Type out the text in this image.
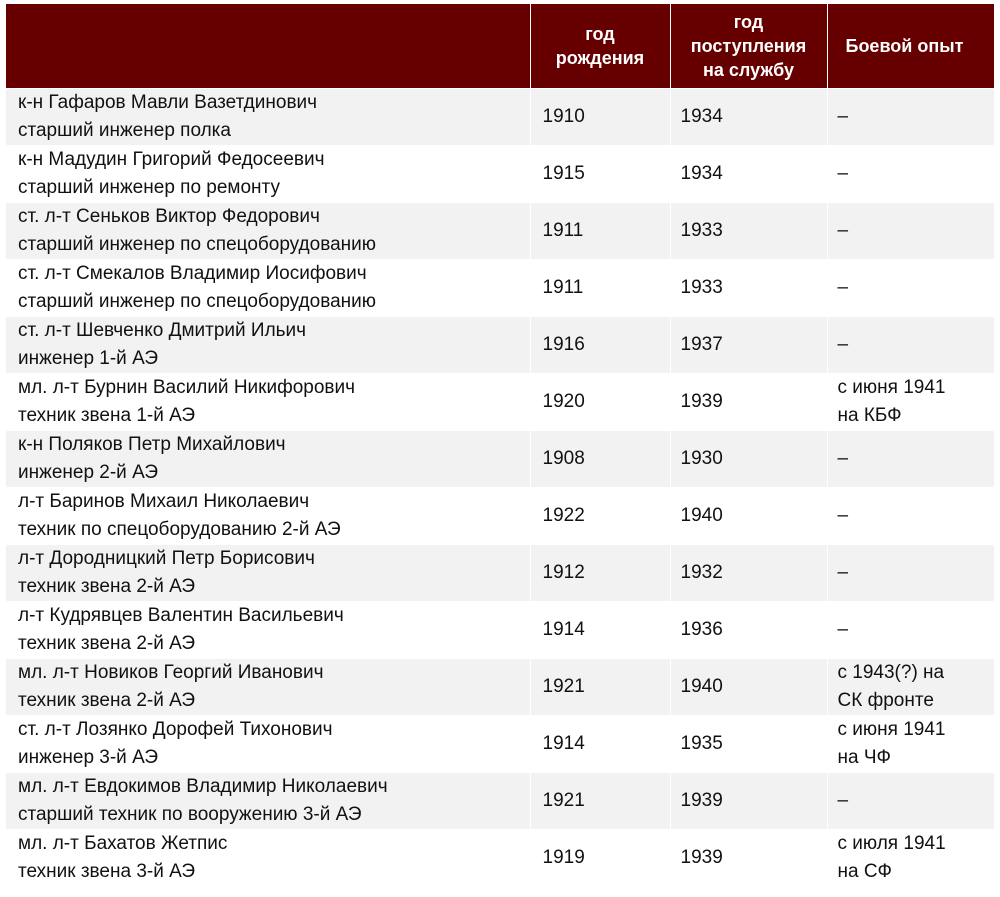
	год
рождения	год
поступления
на службу	Боевой опыт

к-н Гафаров Мавли Вазетдинович
старший инженер полка	1910	1934	–

к-н Мадудин Григорий Федосеевич
старший инженер по ремонту	1915	1934	–

ст. л-т Сеньков Виктор Федорович
старший инженер по спецоборудованию	1911	1933	–

ст. л-т Смекалов Владимир Иосифович
старший инженер по спецоборудованию	1911	1933	–

ст. л-т Шевченко Дмитрий Ильич
инженер 1-й АЭ	1916	1937	–

мл. л-т Бурнин Василий Никифорович
техник звена 1-й АЭ	1920	1939	с июня 1941
на КБФ

к-н Поляков Петр Михайлович
инженер 2-й АЭ	1908	1930	–

л-т Баринов Михаил Николаевич
техник по спецоборудованию 2-й АЭ	1922	1940	–

л-т Дородницкий Петр Борисович
техник звена 2-й АЭ	1912	1932	–

л-т Кудрявцев Валентин Васильевич
техник звена 2-й АЭ	1914	1936	–

мл. л-т Новиков Георгий Иванович
техник звена 2-й АЭ	1921	1940	с 1943(?) на
СК фронте

ст. л-т Лозянко Дорофей Тихонович
инженер 3-й АЭ	1914	1935	с июня 1941
на ЧФ

мл. л-т Евдокимов Владимир Николаевич
старший техник по вооружению 3-й АЭ	1921	1939	–

мл. л-т Бахатов Жетпис
техник звена 3-й АЭ	1919	1939	с июля 1941
на СФ
